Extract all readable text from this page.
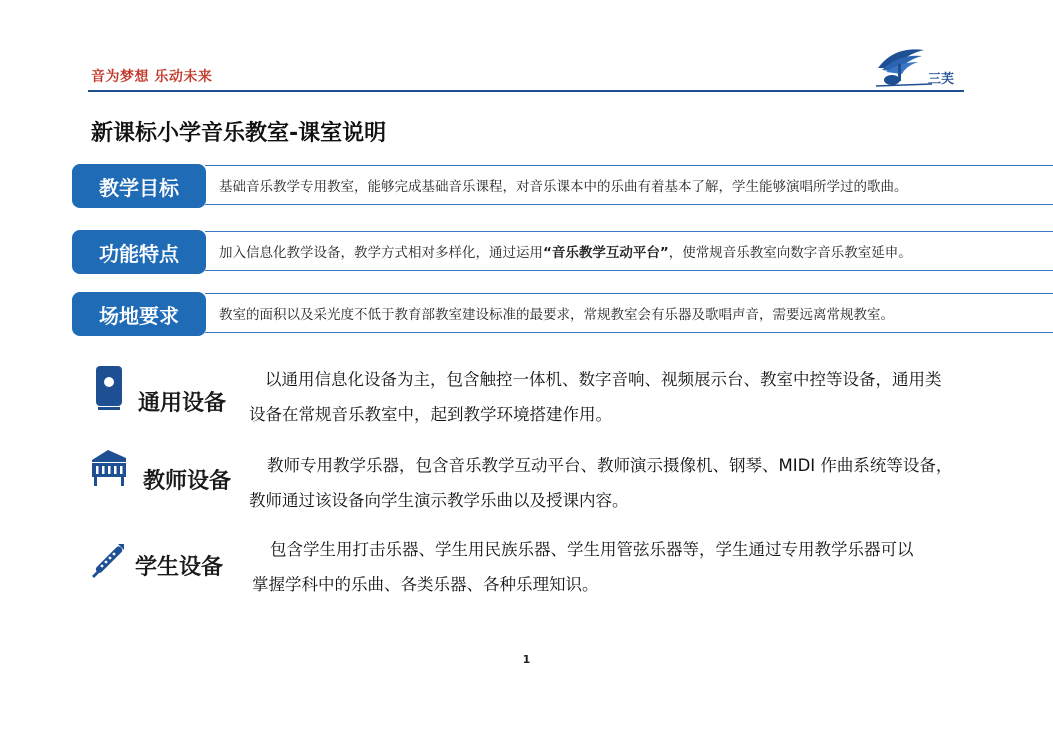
音为梦想 乐动未来	三芙
新课标小学音乐教室-课室说明
教学目标	基础音乐教学专用教室，能够完成基础音乐课程，对音乐课本中的乐曲有着基本了解，学生能够演唱所学过的歌曲。
功能特点	加入信息化教学设备，教学方式相对多样化，通过运用 “音乐教学互动平台” ，使常规音乐教室向数字音乐教室延申。
场地要求	教室的面积以及采光度不低于教育部教室建设标准的最要求，常规教室会有乐器及歌唱声音，需要远离常规教室。
通用设备
以通用信息化设备为主，包含触控一体机、数字音响、视频展示台、教室中控等设备，通用类
设备在常规音乐教室中，起到教学环境搭建作用。
教师设备
教师专用教学乐器，包含音乐教学互动平台、教师演示摄像机、钢琴、MIDI 作曲系统等设备，
教师通过该设备向学生演示教学乐曲以及授课内容。
学生设备
包含学生用打击乐器、学生用民族乐器、学生用管弦乐器等，学生通过专用教学乐器可以
掌握学科中的乐曲、各类乐器、各种乐理知识。
1
